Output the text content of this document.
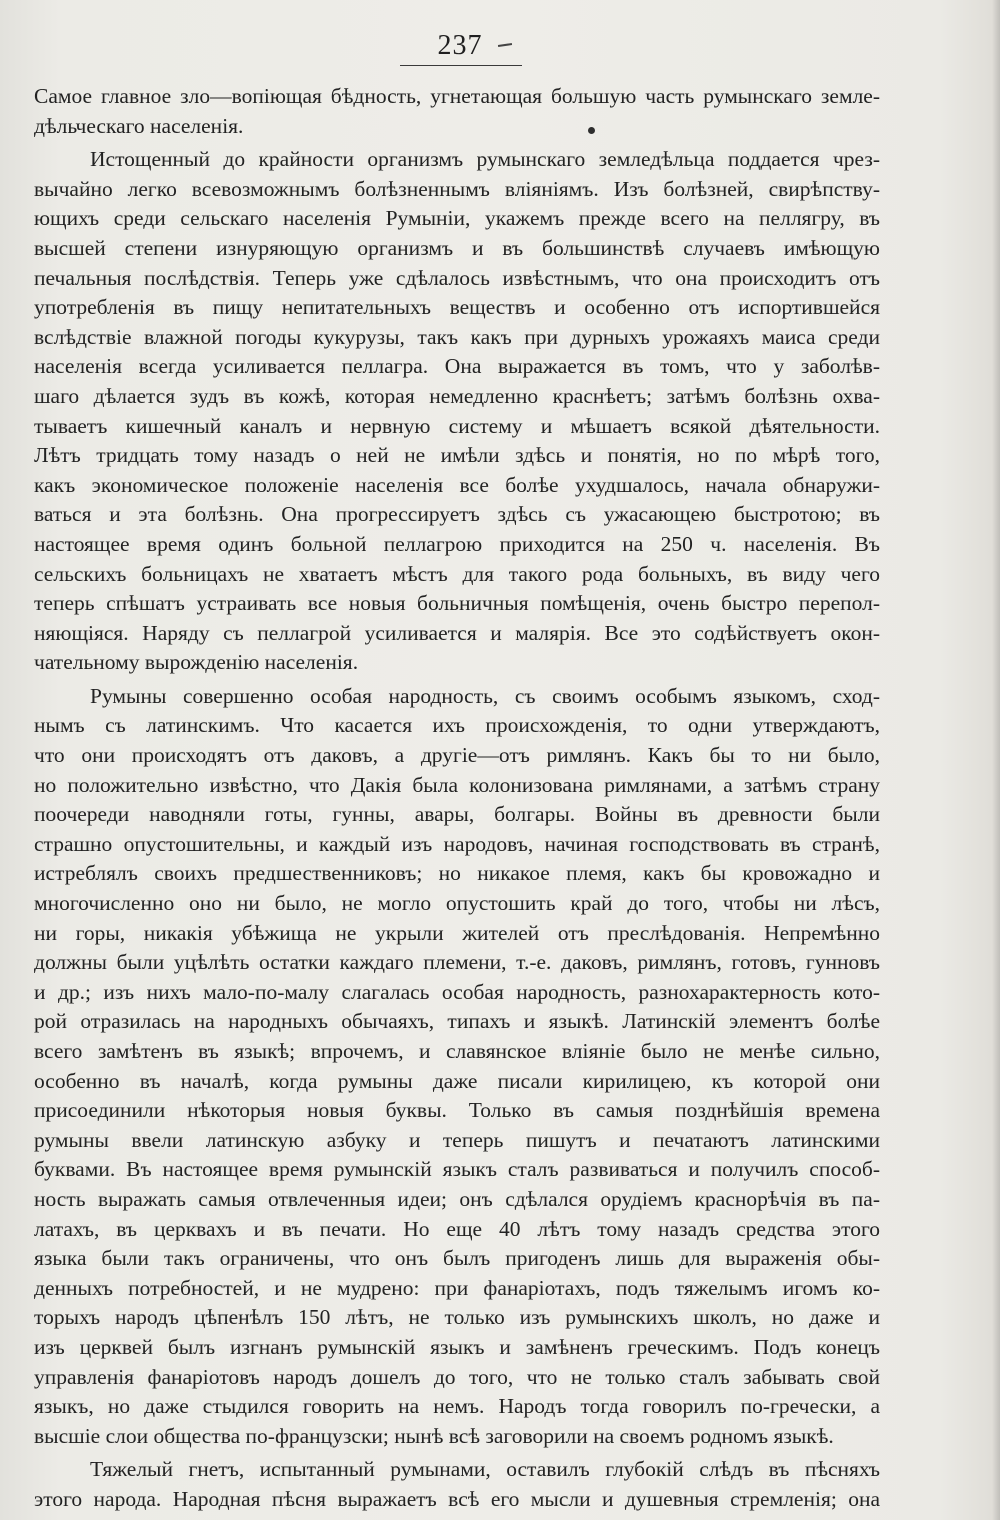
237
Самое главное зло—вопіющая бѣдность, угнетающая большую часть румынскаго земле-
дѣльческаго населенія.
Истощенный до крайности организмъ румынскаго земледѣльца поддается чрез-
вычайно легко всевозможнымъ болѣзненнымъ вліяніямъ. Изъ болѣзней, свирѣпству-
ющихъ среди сельскаго населенія Румыніи, укажемъ прежде всего на пеллягру, въ
высшей степени изнуряющую организмъ и въ большинствѣ случаевъ имѣющую
печальныя послѣдствія. Теперь уже сдѣлалось извѣстнымъ, что она происходитъ отъ
употребленія въ пищу непитательныхъ веществъ и особенно отъ испортившейся
вслѣдствіе влажной погоды кукурузы, такъ какъ при дурныхъ урожаяхъ маиса среди
населенія всегда усиливается пеллагра. Она выражается въ томъ, что у заболѣв-
шаго дѣлается зудъ въ кожѣ, которая немедленно краснѣетъ; затѣмъ болѣзнь охва-
тываетъ кишечный каналъ и нервную систему и мѣшаетъ всякой дѣятельности.
Лѣтъ тридцать тому назадъ о ней не имѣли здѣсь и понятія, но по мѣрѣ того,
какъ экономическое положеніе населенія все болѣе ухудшалось, начала обнаружи-
ваться и эта болѣзнь. Она прогрессируетъ здѣсь съ ужасающею быстротою; въ
настоящее время одинъ больной пеллагрою приходится на 250 ч. населенія. Въ
сельскихъ больницахъ не хватаетъ мѣстъ для такого рода больныхъ, въ виду чего
теперь спѣшатъ устраивать все новыя больничныя помѣщенія, очень быстро перепол-
няющіяся. Наряду съ пеллагрой усиливается и малярія. Все это содѣйствуетъ окон-
чательному вырожденію населенія.
Румыны совершенно особая народность, съ своимъ особымъ языкомъ, сход-
нымъ съ латинскимъ. Что касается ихъ происхожденія, то одни утверждаютъ,
что они происходятъ отъ даковъ, а другіе—отъ римлянъ. Какъ бы то ни было,
но положительно извѣстно, что Дакія была колонизована римлянами, а затѣмъ страну
поочереди наводняли готы, гунны, авары, болгары. Войны въ древности были
страшно опустошительны, и каждый изъ народовъ, начиная господствовать въ странѣ,
истреблялъ своихъ предшественниковъ; но никакое племя, какъ бы кровожадно и
многочисленно оно ни было, не могло опустошить край до того, чтобы ни лѣсъ,
ни горы, никакія убѣжища не укрыли жителей отъ преслѣдованія. Непремѣнно
должны были уцѣлѣть остатки каждаго племени, т.-е. даковъ, римлянъ, готовъ, гунновъ
и др.; изъ нихъ мало-по-малу слагалась особая народность, разнохарактерность кото-
рой отразилась на народныхъ обычаяхъ, типахъ и языкѣ. Латинскій элементъ болѣе
всего замѣтенъ въ языкѣ; впрочемъ, и славянское вліяніе было не менѣе сильно,
особенно въ началѣ, когда румыны даже писали кирилицею, къ которой они
присоединили нѣкоторыя новыя буквы. Только въ самыя позднѣйшія времена
румыны ввели латинскую азбуку и теперь пишутъ и печатаютъ латинскими
буквами. Въ настоящее время румынскій языкъ сталъ развиваться и получилъ способ-
ность выражать самыя отвлеченныя идеи; онъ сдѣлался орудіемъ краснорѣчія въ па-
латахъ, въ церквахъ и въ печати. Но еще 40 лѣтъ тому назадъ средства этого
языка были такъ ограничены, что онъ былъ пригоденъ лишь для выраженія обы-
денныхъ потребностей, и не мудрено: при фанаріотахъ, подъ тяжелымъ игомъ ко-
торыхъ народъ цѣпенѣлъ 150 лѣтъ, не только изъ румынскихъ школъ, но даже и
изъ церквей былъ изгнанъ румынскій языкъ и замѣненъ греческимъ. Подъ конецъ
управленія фанаріотовъ народъ дошелъ до того, что не только сталъ забывать свой
языкъ, но даже стыдился говорить на немъ. Народъ тогда говорилъ по-гречески, а
высшіе слои общества по-французски; нынѣ всѣ заговорили на своемъ родномъ языкѣ.
Тяжелый гнетъ, испытанный румынами, оставилъ глубокій слѣдъ въ пѣсняхъ
этого народа. Народная пѣсня выражаетъ всѣ его мысли и душевныя стремленія; она
